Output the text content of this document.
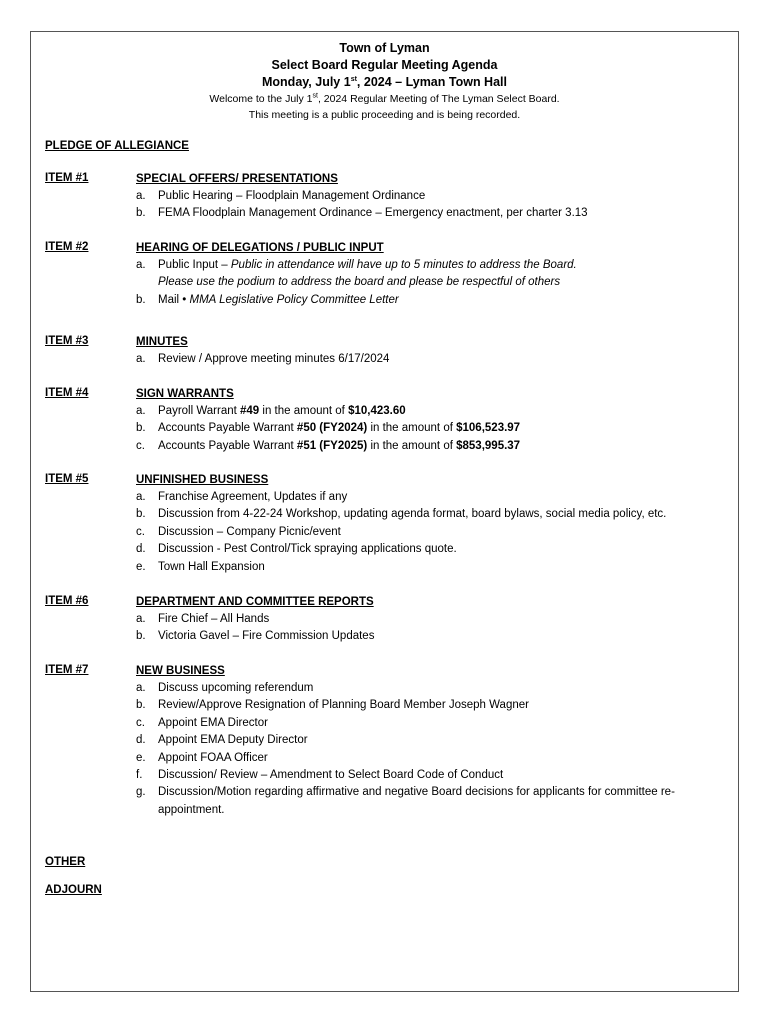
Town of Lyman
Select Board Regular Meeting Agenda
Monday, July 1st, 2024 – Lyman Town Hall
Welcome to the July 1st, 2024 Regular Meeting of The Lyman Select Board.
This meeting is a public proceeding and is being recorded.
PLEDGE OF ALLEGIANCE
ITEM #1	SPECIAL OFFERS/ PRESENTATIONS
a. Public Hearing – Floodplain Management Ordinance
b. FEMA Floodplain Management Ordinance – Emergency enactment, per charter 3.13
ITEM #2	HEARING OF DELEGATIONS / PUBLIC INPUT
a. Public Input – Public in attendance will have up to 5 minutes to address the Board.
Please use the podium to address the board and please be respectful of others
b. Mail • MMA Legislative Policy Committee Letter
ITEM #3	MINUTES
a. Review / Approve meeting minutes 6/17/2024
ITEM #4	SIGN WARRANTS
a. Payroll Warrant #49 in the amount of $10,423.60
b. Accounts Payable Warrant #50 (FY2024) in the amount of $106,523.97
c. Accounts Payable Warrant #51 (FY2025) in the amount of $853,995.37
ITEM #5	UNFINISHED BUSINESS
a. Franchise Agreement, Updates if any
b. Discussion from 4-22-24 Workshop, updating agenda format, board bylaws, social media policy, etc.
c. Discussion – Company Picnic/event
d. Discussion - Pest Control/Tick spraying applications quote.
e. Town Hall Expansion
ITEM #6	DEPARTMENT AND COMMITTEE REPORTS
a. Fire Chief – All Hands
b. Victoria Gavel – Fire Commission Updates
ITEM #7	NEW BUSINESS
a. Discuss upcoming referendum
b. Review/Approve Resignation of Planning Board Member Joseph Wagner
c. Appoint EMA Director
d. Appoint EMA Deputy Director
e. Appoint FOAA Officer
f. Discussion/ Review – Amendment to Select Board Code of Conduct
g. Discussion/Motion regarding affirmative and negative Board decisions for applicants for committee re-appointment.
OTHER
ADJOURN
